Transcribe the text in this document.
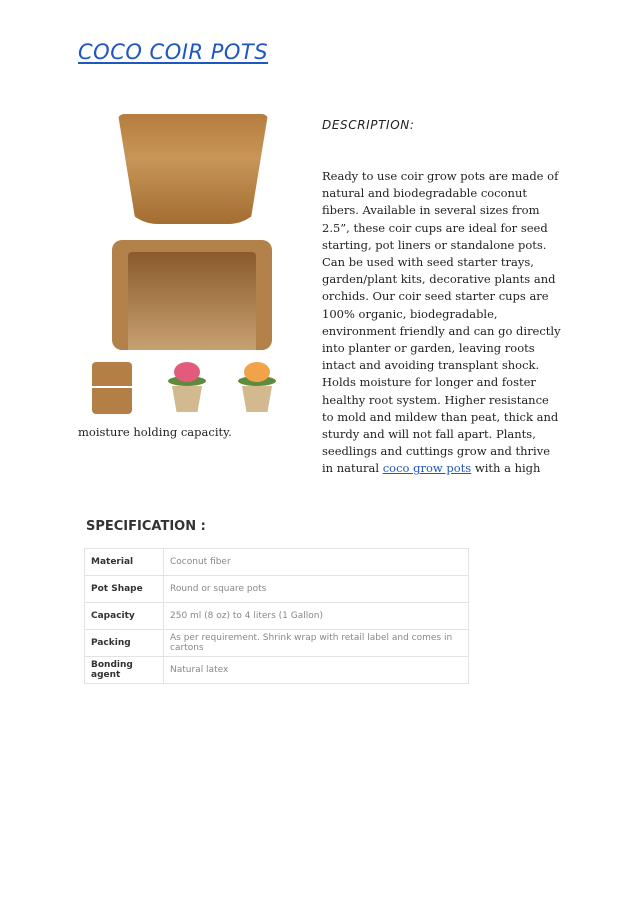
COCO COIR POTS
DESCRIPTION:
Ready to use coir grow pots are made of natural and biodegradable coconut fibers. Available in several sizes from 2.5”, these coir cups are ideal for seed starting, pot liners or standalone pots. Can be used with seed starter trays, garden/plant kits, decorative plants and orchids. Our coir seed starter cups are 100% organic, biodegradable, environment friendly and can go directly into planter or garden, leaving roots intact and avoiding transplant shock. Holds moisture for longer and foster healthy root system. Higher resistance to mold and mildew than peat, thick and sturdy and will not fall apart. Plants, seedlings and cuttings grow and thrive in natural coco grow pots with a high
moisture holding capacity.
SPECIFICATION :
Material	Coconut fiber
Pot Shape	Round or square pots
Capacity	250 ml (8 oz) to 4 liters (1 Gallon)
Packing	As per requirement. Shrink wrap with retail label and comes in cartons
Bonding agent	Natural latex
